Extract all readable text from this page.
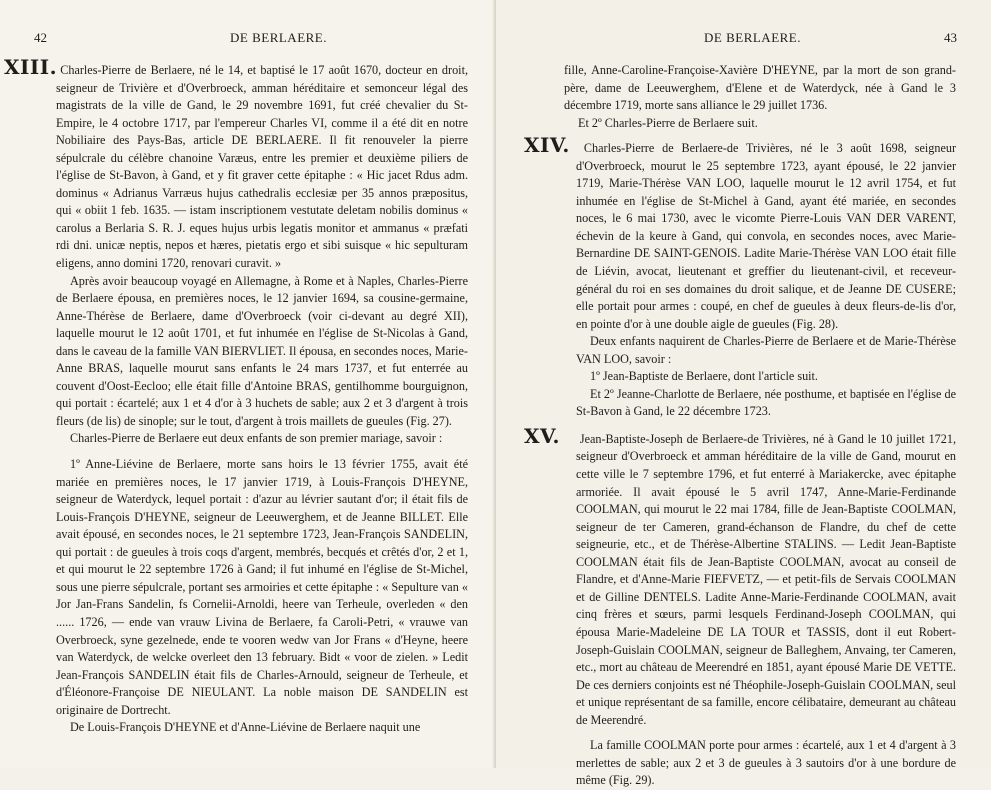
42	DE BERLAERE.

XIII. Charles-Pierre de Berlaere, né le 14, et baptisé le 17 août 1670, docteur en droit, seigneur de Trivière et d'Overbroeck, amman héréditaire et semonceur légal des magistrats de la ville de Gand, le 29 novembre 1691, fut créé chevalier du St-Empire, le 4 octobre 1717, par l'empereur Charles VI, comme il a été dit en notre Nobiliaire des Pays-Bas, article DE BERLAERE. Il fit renouveler la pierre sépulcrale du célèbre chanoine Varæus, entre les premier et deuxième piliers de l'église de St-Bavon, à Gand, et y fit graver cette épitaphe : « Hic jacet Rdus adm. dominus « Adrianus Varræus hujus cathedralis ecclesiæ per 35 annos præpositus, qui « obiit 1 feb. 1635. — istam inscriptionem vestutate deletam nobilis dominus « carolus a Berlaria S. R. J. eques hujus urbis legatis monitor et ammanus « præfati rdi dni. unicæ neptis, nepos et hæres, pietatis ergo et sibi suisque « hic sepulturam eligens, anno domini 1720, renovari curavit. »

Après avoir beaucoup voyagé en Allemagne, à Rome et à Naples, Charles-Pierre de Berlaere épousa, en premières noces, le 12 janvier 1694, sa cousine-germaine, Anne-Thérèse de Berlaere, dame d'Overbroeck (voir ci-devant au degré XII), laquelle mourut le 12 août 1701, et fut inhumée en l'église de St-Nicolas à Gand, dans le caveau de la famille VAN BIERVLIET. Il épousa, en secondes noces, Marie-Anne BRAS, laquelle mourut sans enfants le 24 mars 1737, et fut enterrée au couvent d'Oost-Eecloo; elle était fille d'Antoine BRAS, gentilhomme bourguignon, qui portait : écartelé; aux 1 et 4 d'or à 3 huchets de sable; aux 2 et 3 d'argent à trois fleurs (de lis) de sinople; sur le tout, d'argent à trois maillets de gueules (Fig. 27).

Charles-Pierre de Berlaere eut deux enfants de son premier mariage, savoir :

1º Anne-Liévine de Berlaere, morte sans hoirs le 13 février 1755, avait été mariée en premières noces, le 17 janvier 1719, à Louis-François D'HEYNE, seigneur de Waterdyck, lequel portait : d'azur au lévrier sautant d'or; il était fils de Louis-François D'HEYNE, seigneur de Leeuwerghem, et de Jeanne BILLET. Elle avait épousé, en secondes noces, le 21 septembre 1723, Jean-François SANDELIN, qui portait : de gueules à trois coqs d'argent, membrés, becqués et crêtés d'or, 2 et 1, et qui mourut le 22 septembre 1726 à Gand; il fut inhumé en l'église de St-Michel, sous une pierre sépulcrale, portant ses armoiries et cette épitaphe : « Sepulture van « Jor Jan-Frans Sandelin, fs Cornelii-Arnoldi, heere van Terheule, overleden « den ...... 1726, — ende van vrauw Livina de Berlaere, fa Caroli-Petri, « vrauwe van Overbroeck, syne gezelnede, ende te vooren wedw van Jor Frans « d'Heyne, heere van Waterdyck, de welcke overleet den 13 february. Bidt « voor de zielen. » Ledit Jean-François SANDELIN était fils de Charles-Arnould, seigneur de Terheule, et d'Éléonore-Françoise DE NIEULANT. La noble maison DE SANDELIN est originaire de Dortrecht.

De Louis-François D'HEYNE et d'Anne-Liévine de Berlaere naquit une

DE BERLAERE.	43

fille, Anne-Caroline-Françoise-Xavière D'HEYNE, par la mort de son grand-père, dame de Leeuwerghem, d'Elene et de Waterdyck, née à Gand le 3 décembre 1719, morte sans alliance le 29 juillet 1736.

Et 2º Charles-Pierre de Berlaere suit.

XIV. Charles-Pierre de Berlaere-de Trivières, né le 3 août 1698, seigneur d'Overbroeck, mourut le 25 septembre 1723, ayant épousé, le 22 janvier 1719, Marie-Thérèse VAN LOO, laquelle mourut le 12 avril 1754, et fut inhumée en l'église de St-Michel à Gand, ayant été mariée, en secondes noces, le 6 mai 1730, avec le vicomte Pierre-Louis VAN DER VARENT, échevin de la keure à Gand, qui convola, en secondes noces, avec Marie-Bernardine DE SAINT-GENOIS. Ladite Marie-Thérèse VAN LOO était fille de Liévin, avocat, lieutenant et greffier du lieutenant-civil, et receveur-général du roi en ses domaines du droit salique, et de Jeanne DE CUSERE; elle portait pour armes : coupé, en chef de gueules à deux fleurs-de-lis d'or, en pointe d'or à une double aigle de gueules (Fig. 28).

Deux enfants naquirent de Charles-Pierre de Berlaere et de Marie-Thérèse VAN LOO, savoir :

1º Jean-Baptiste de Berlaere, dont l'article suit.

Et 2º Jeanne-Charlotte de Berlaere, née posthume, et baptisée en l'église de St-Bavon à Gand, le 22 décembre 1723.

XV. Jean-Baptiste-Joseph de Berlaere-de Trivières, né à Gand le 10 juillet 1721, seigneur d'Overbroeck et amman héréditaire de la ville de Gand, mourut en cette ville le 7 septembre 1796, et fut enterré à Mariakercke, avec épitaphe armoriée. Il avait épousé le 5 avril 1747, Anne-Marie-Ferdinande COOLMAN, qui mourut le 22 mai 1784, fille de Jean-Baptiste COOLMAN, seigneur de ter Cameren, grand-échanson de Flandre, du chef de cette seigneurie, etc., et de Thérèse-Albertine STALINS. — Ledit Jean-Baptiste COOLMAN était fils de Jean-Baptiste COOLMAN, avocat au conseil de Flandre, et d'Anne-Marie FIEFVETZ, — et petit-fils de Servais COOLMAN et de Gilline DENTELS. Ladite Anne-Marie-Ferdinande COOLMAN, avait cinq frères et sœurs, parmi lesquels Ferdinand-Joseph COOLMAN, qui épousa Marie-Madeleine DE LA TOUR et TASSIS, dont il eut Robert-Joseph-Guislain COOLMAN, seigneur de Balleghem, Anvaing, ter Cameren, etc., mort au château de Meerendré en 1851, ayant épousé Marie DE VETTE. De ces derniers conjoints est né Théophile-Joseph-Guislain COOLMAN, seul et unique représentant de sa famille, encore célibataire, demeurant au château de Meerendré.

La famille COOLMAN porte pour armes : écartelé, aux 1 et 4 d'argent à 3 merlettes de sable; aux 2 et 3 de gueules à 3 sautoirs d'or à une bordure de même (Fig. 29).
